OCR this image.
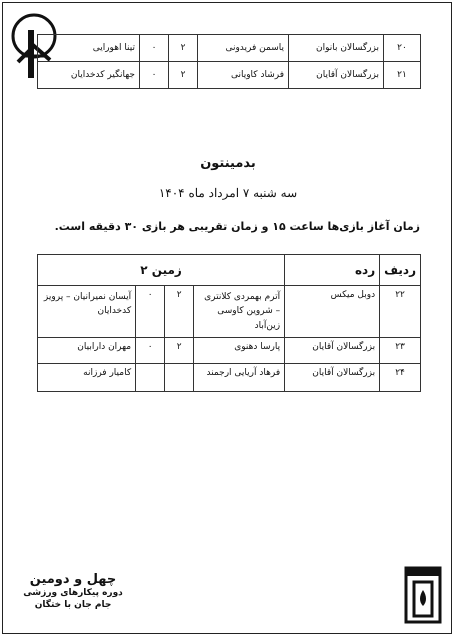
۲۰	بزرگسالان بانوان	یاسمن فریدونی	۲	۰	تینا اهورایی
۲۱	بزرگسالان آقایان	فرشاد کاویانی	۲	۰	جهانگیر کدخدایان
بدمینتون
سه شنبه ۷ امرداد ماه ۱۴۰۴
زمان آغاز بازی‌ها ساعت ۱۵ و زمان تقریبی هر بازی ۳۰ دقیقه است.
ردیف	رده	زمین ۲			
۲۲	دوبل میکس	آترم بهمردی کلانتری – شروین کاوسی زین‌آباد	۲	۰	آیسان نمیرانیان – پرویز کدخدایان
۲۳	بزرگسالان آقایان	پارسا دهنوی	۲	۰	مهران دارابیان
۲۴	بزرگسالان آقایان	فرهاد آریایی ارجمند			کامیار فرزانه
چهل و دومین
دوره پیکارهای ورزشی
جام جان با ختگان
